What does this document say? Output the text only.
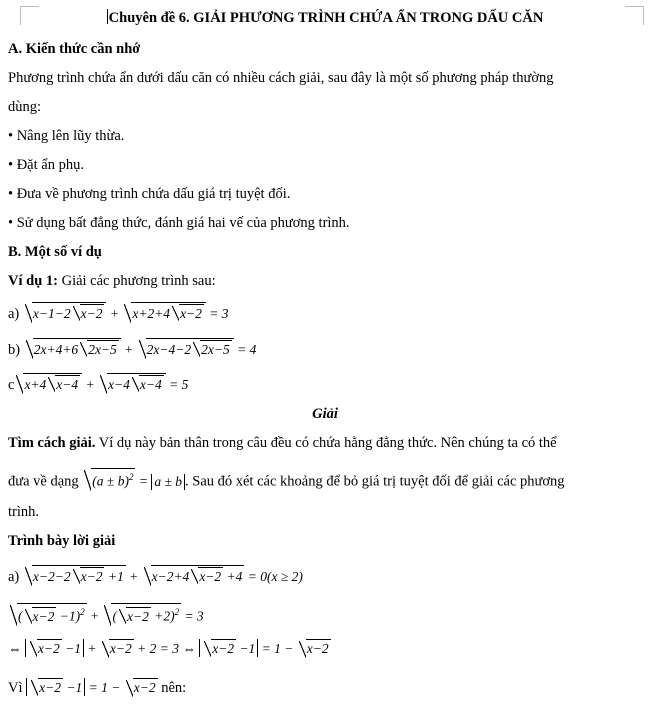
Chuyên đề 6. GIẢI PHƯƠNG TRÌNH CHỨA ẨN TRONG DẤU CĂN
A. Kiến thức cần nhớ
Phương trình chứa ẩn dưới dấu căn có nhiều cách giải, sau đây là một số phương pháp thường
dùng:
• Nâng lên lũy thừa.
• Đặt ẩn phụ.
• Đưa về phương trình chứa dấu giá trị tuyệt đối.
• Sử dụng bất đẳng thức, đánh giá hai vế của phương trình.
B. Một số ví dụ
Ví dụ 1: Giải các phương trình sau:
a) x−1−2 x−2 + x+2+4 x−2 = 3
b) 2x+4+6 2x−5 + 2x−4−2 2x−5 = 4
c x+4 x−4 + x−4 x−4 = 5
Giải
Tìm cách giải. Ví dụ này bản thân trong câu đều có chứa hằng đẳng thức. Nên chúng ta có thể
đưa về dạng $(a \pm b)^2 = a \pm b$ . Sau đó xét các khoảng để bỏ giá trị tuyệt đối để giải các phương
trình.
Trình bày lời giải
a) x−2−2 x−2 +1 + x−2+4 x−2 +4 = 0(x ≥ 2)
( x−2 −1)$^2$ + ( x−2 +2)$^2$ = 3
⇔ x−2 −1 + x−2 + 2 = 3 ⇔ x−2 −1 = 1 − x−2
Vì x−2 −1 = 1 − x−2 nên:
